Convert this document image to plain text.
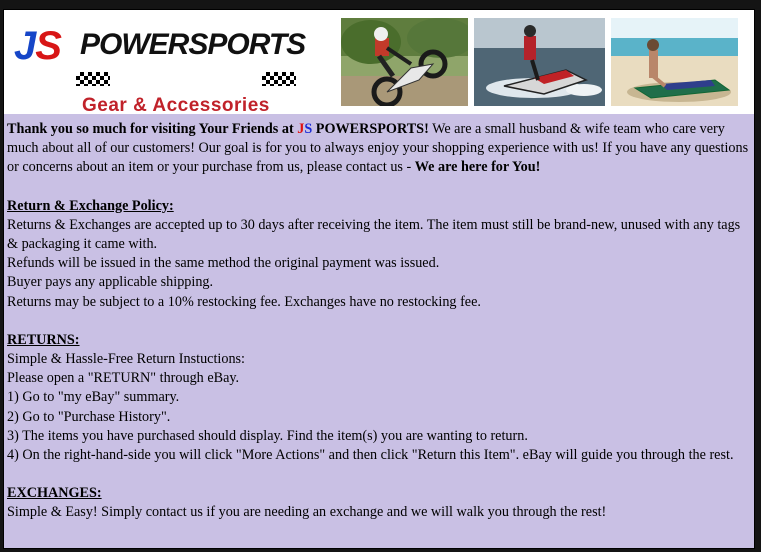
JS POWERSPORTS
Gear & Accessories

Thank you so much for visiting Your Friends at JS POWERSPORTS! We are a small husband & wife team who care very much about all of our customers! Our goal is for you to always enjoy your shopping experience with us! If you have any questions or concerns about an item or your purchase from us, please contact us - We are here for You!

Return & Exchange Policy:

Returns & Exchanges are accepted up to 30 days after receiving the item. The item must still be brand-new, unused with any tags & packaging it came with.

Refunds will be issued in the same method the original payment was issued.

Buyer pays any applicable shipping.

Returns may be subject to a 10% restocking fee. Exchanges have no restocking fee.

RETURNS:

Simple & Hassle-Free Return Instuctions:

Please open a "RETURN" through eBay.

1) Go to "my eBay" summary.

2) Go to "Purchase History".

3) The items you have purchased should display. Find the item(s) you are wanting to return.

4) On the right-hand-side you will click "More Actions" and then click "Return this Item". eBay will guide you through the rest.

EXCHANGES:

Simple & Easy! Simply contact us if you are needing an exchange and we will walk you through the rest!
